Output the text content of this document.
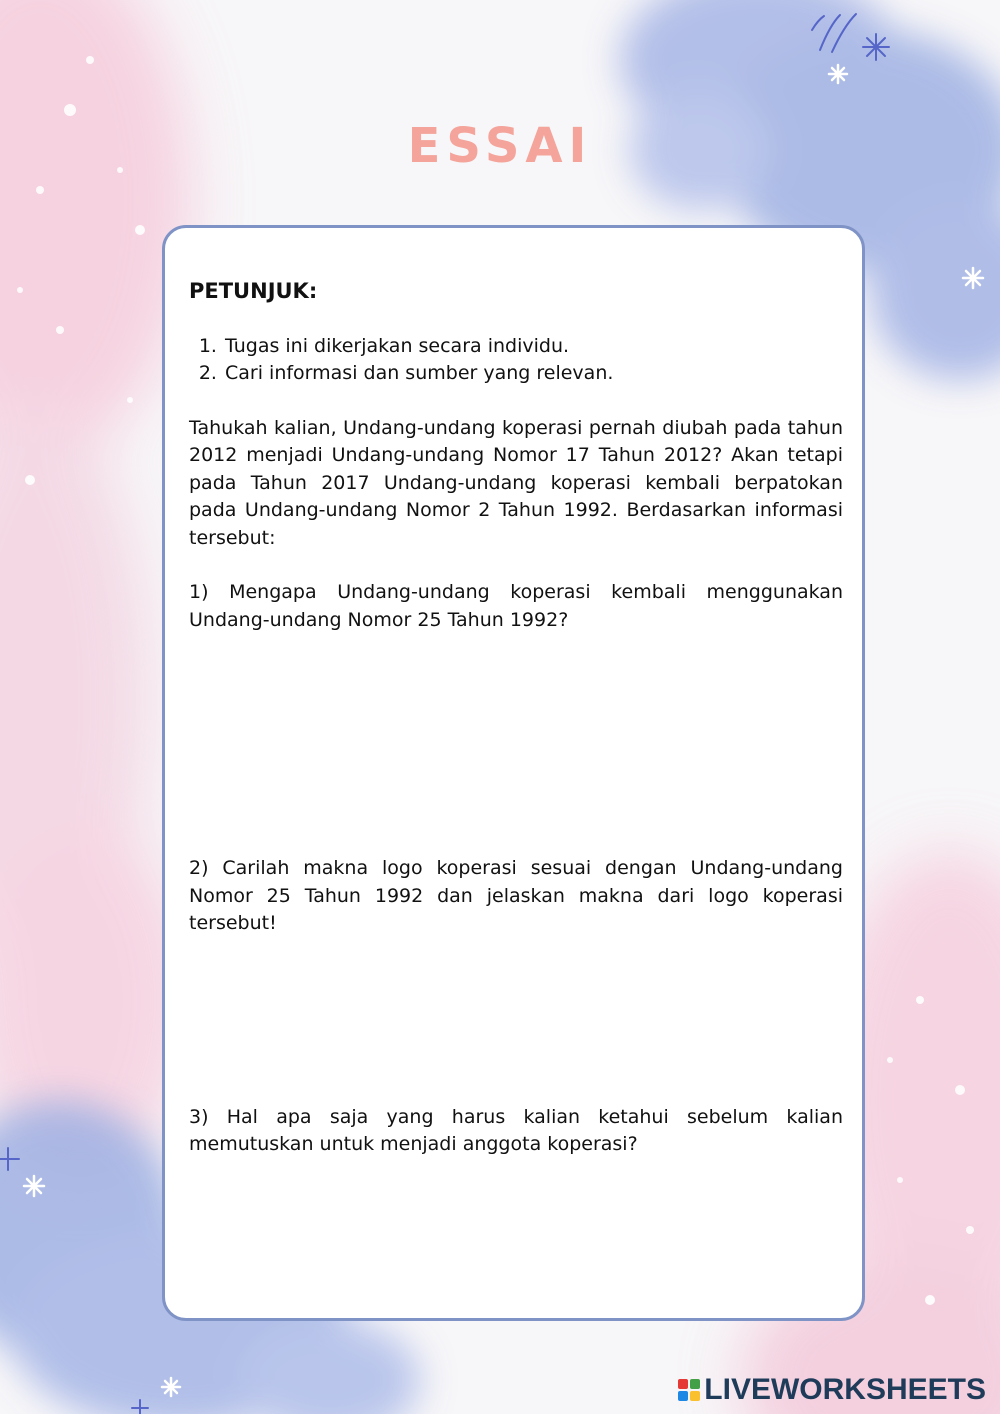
ESSAI

PETUNJUK:

1. Tugas ini dikerjakan secara individu.
2. Cari informasi dan sumber yang relevan.

Tahukah kalian, Undang-undang koperasi pernah diubah pada tahun 2012 menjadi Undang-undang Nomor 17 Tahun 2012? Akan tetapi pada Tahun 2017 Undang-undang koperasi kembali berpatokan pada Undang-undang Nomor 2 Tahun 1992. Berdasarkan informasi tersebut:

1) Mengapa Undang-undang koperasi kembali menggunakan Undang-undang Nomor 25 Tahun 1992?

2) Carilah makna logo koperasi sesuai dengan Undang-undang Nomor 25 Tahun 1992 dan jelaskan makna dari logo koperasi tersebut!

3) Hal apa saja yang harus kalian ketahui sebelum kalian memutuskan untuk menjadi anggota koperasi?

LIVEWORKSHEETS
